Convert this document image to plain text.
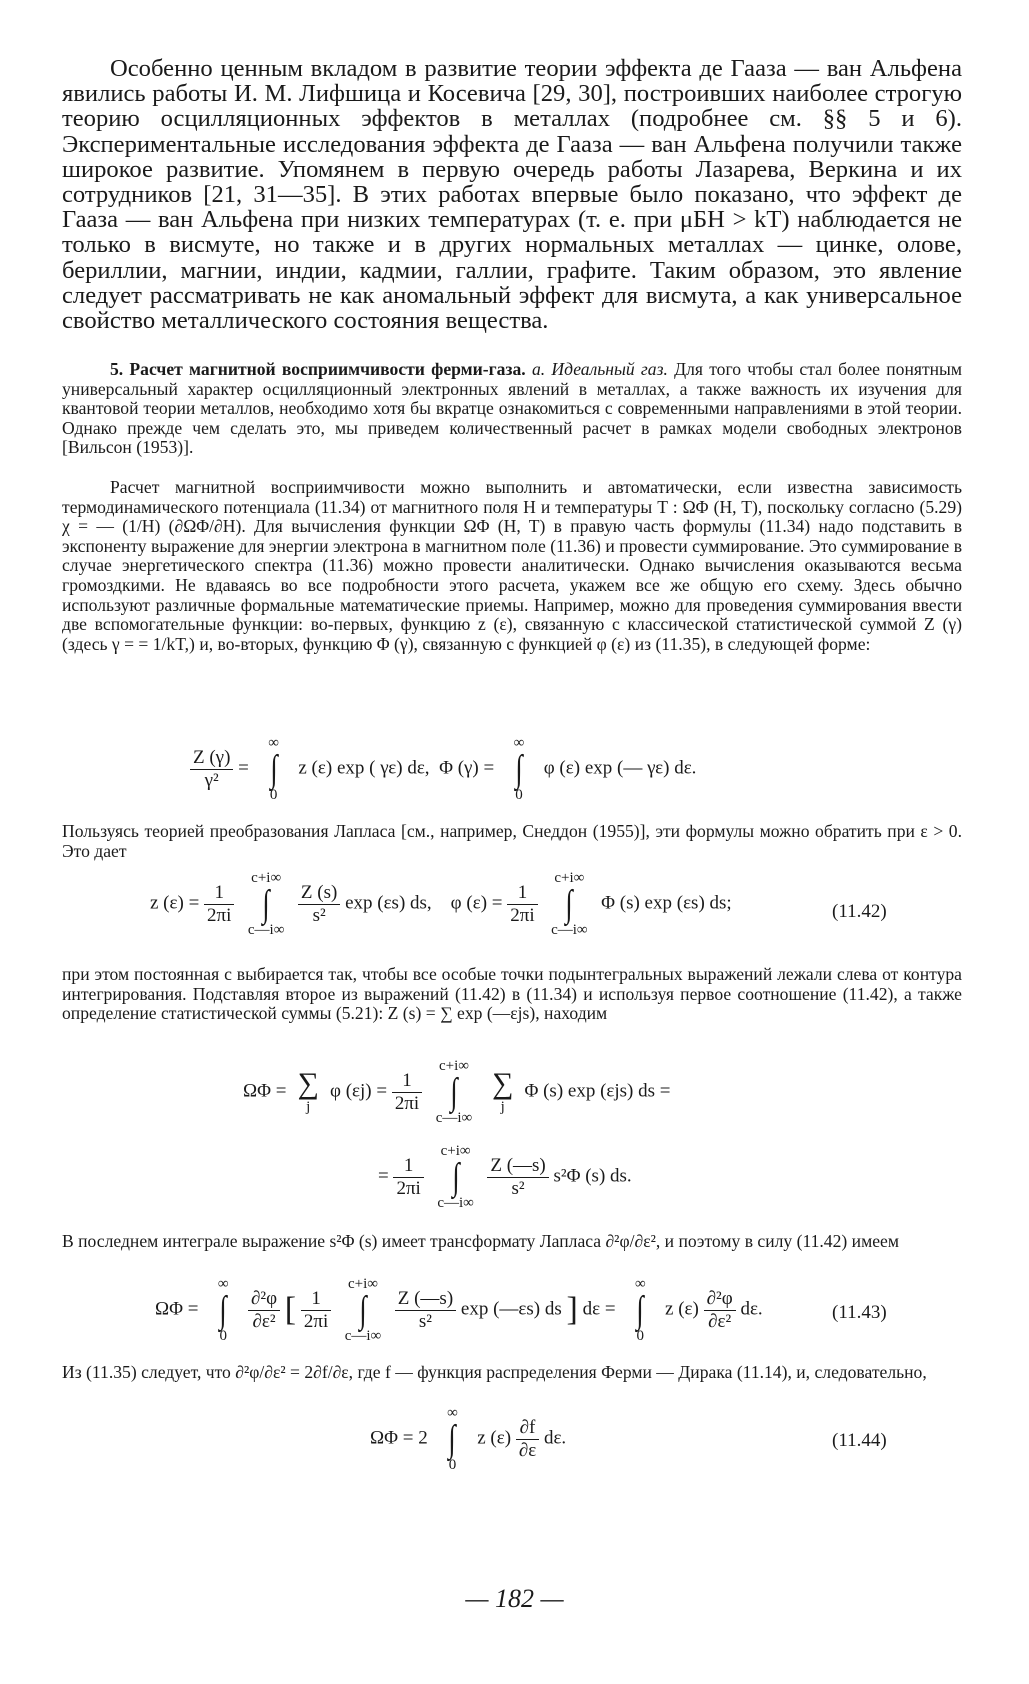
Особенно ценным вкладом в развитие теории эффекта де Гааза — ван Альфена явились работы И. М. Лифшица и Косевича [29, 30], построивших наиболее строгую теорию осцилляционных эффектов в металлах (подробнее см. §§ 5 и 6). Экспериментальные исследования эффекта де Гааза — ван Альфена получили также широкое развитие. Упомянем в первую очередь работы Лазарева, Веркина и их сотрудников [21, 31—35]. В этих работах впервые было показано, что эффект де Гааза — ван Альфена при низких температурах (т. е. при μБH > kT) наблюдается не только в висмуте, но также и в других нормальных металлах — цинке, олове, бериллии, магнии, индии, кадмии, галлии, графите. Таким образом, это явление следует рассматривать не как аномальный эффект для висмута, а как универсальное свойство металлического состояния вещества.

5. Расчет магнитной восприимчивости ферми-газа. а. Идеальный газ. Для того чтобы стал более понятным универсальный характер осцилляционный электронных явлений в металлах, а также важность их изучения для квантовой теории металлов, необходимо хотя бы вкратце ознакомиться с современными направлениями в этой теории. Однако прежде чем сделать это, мы приведем количественный расчет в рамках модели свободных электронов [Вильсон (1953)].

Расчет магнитной восприимчивости можно выполнить и автоматически, если известна зависимость термодинамического потенциала (11.34) от магнитного поля H и температуры T : ΩΦ (H, T), поскольку согласно (5.29) χ = — (1/H) (∂ΩΦ/∂H). Для вычисления функции ΩΦ (H, T) в правую часть формулы (11.34) надо подставить в экспоненту выражение для энергии электрона в магнитном поле (11.36) и провести суммирование. Это суммирование в случае энергетического спектра (11.36) можно провести аналитически. Однако вычисления оказываются весьма громоздкими. Не вдаваясь во все подробности этого расчета, укажем все же общую его схему. Здесь обычно используют различные формальные математические приемы. Например, можно для проведения суммирования ввести две вспомогательные функции: во-первых, функцию z (ε), связанную с классической статистической суммой Z (γ) (здесь γ = = 1/kT,) и, во-вторых, функцию Φ (γ), связанную с функцией φ (ε) из (11.35), в следующей форме:

$\frac{Z (\gamma)}{\text{γ²}}$ =
∞
∫
0
z (ε) exp ( γε) dε, Φ (γ) =
∞
∫
0
φ (ε) exp (— γε) dε.

Пользуясь теорией преобразования Лапласа [см., например, Снеддон (1955)], эти формулы можно обратить при ε > 0. Это дает

z $(\varepsilon) = \frac{1}{2\pi i}$

c+i∞
∫
c—i∞

$\frac{Z (s)}{\text{s²}}$ exp (εs) ds, φ $(\varepsilon) = \frac{1}{2\pi i}$

c+i∞
∫
c—i∞
Φ (s) exp (εs) ds;	(11.42)

при этом постоянная c выбирается так, чтобы все особые точки подынтегральных выражений лежали слева от контура интегрирования. Подставляя второе из выражений (11.42) в (11.34) и используя первое соотношение (11.42), а также определение статистической суммы (5.21): Z (s) = ∑ exp (—εjs), находим

ΩΦ = ∑
j
φ $(\varepsilon j) = \frac{1}{2\pi i}$

c+i∞
∫
c—i∞

∑
j
Φ (s) exp (εjs) ds =
= $\frac{1}{2\pi i}$

c+i∞
∫
c—i∞

$\frac{Z (—s)}{\text{s²}} s^2\Phi$ (s) ds.

В последнем интеграле выражение s²Φ (s) имеет трансформату Лапласа ∂²φ/∂ε², и поэтому в силу (11.42) имеем

ΩΦ =
∞
∫
0

$\frac{\text{∂²φ}}{\text{∂ε²}}$ [ $\frac{1}{2\pi i}$

c+i∞
∫
c—i∞

$\frac{Z (—s)}{\text{s²}}$ exp (—εs) ds ] dε =
∞
∫
0
z $(\varepsilon) \frac{\text{∂²φ}}{\text{∂ε²}} d\varepsilon$.	(11.43)

Из (11.35) следует, что ∂²φ/∂ε² = 2∂f/∂ε, где f — функция распределения Ферми — Дирака (11.14), и, следовательно,

ΩΦ = 2
∞
∫
0
z $(\varepsilon) \frac{\partial f}{\partial\varepsilon} d\varepsilon$.	(11.44)
— 182 —
